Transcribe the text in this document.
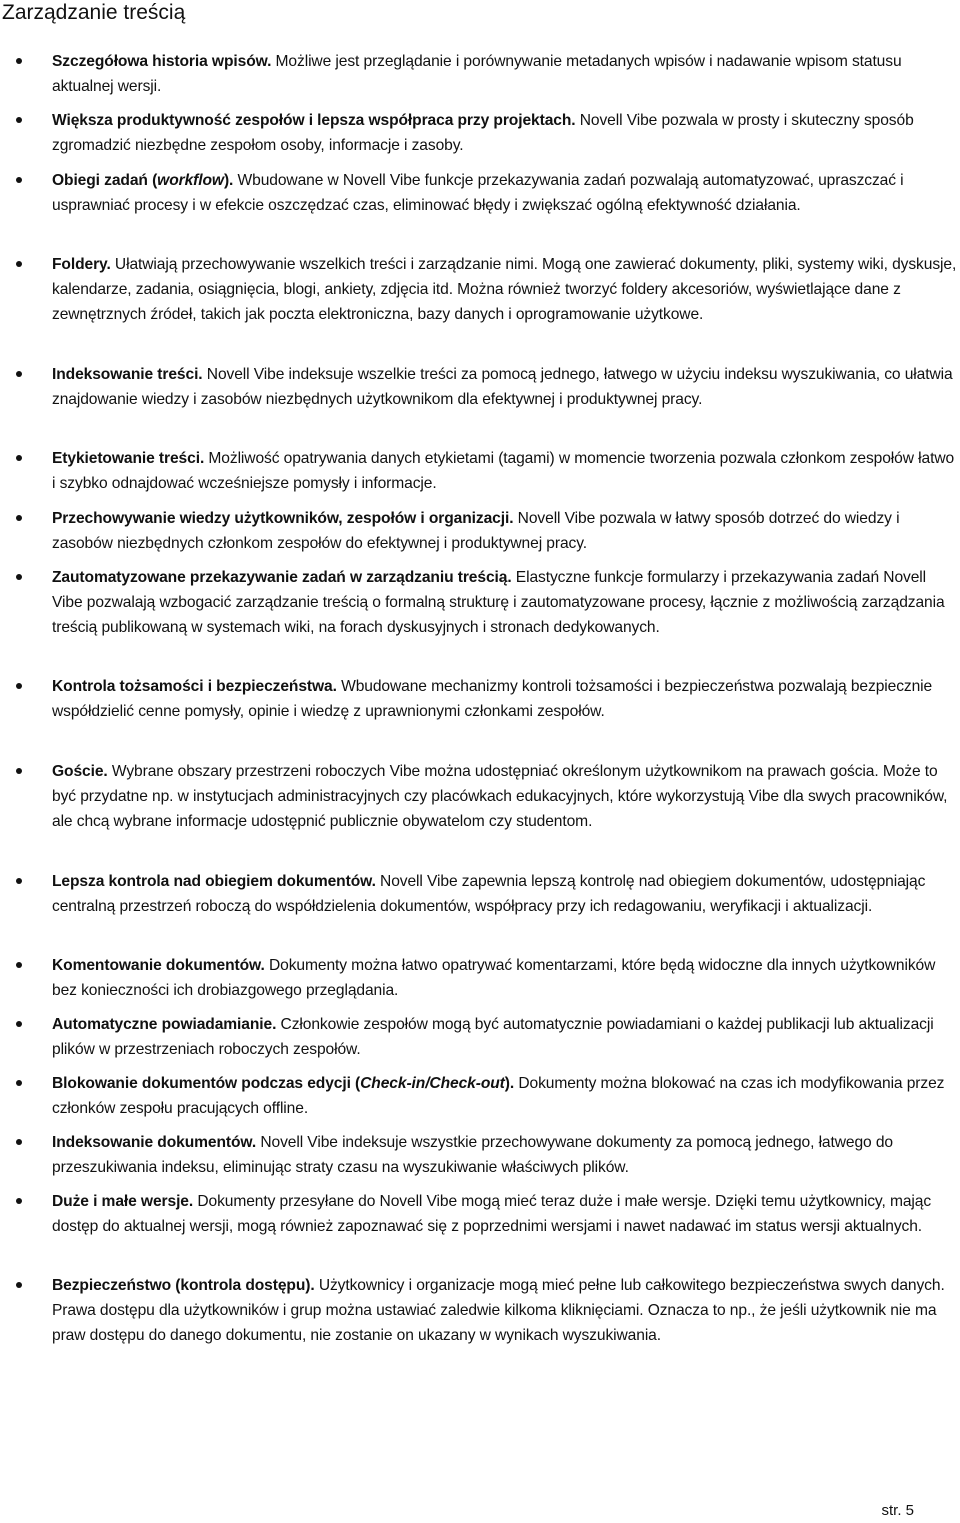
Zarządzanie treścią
Szczegółowa historia wpisów. Możliwe jest przeglądanie i porównywanie metadanych wpisów i nadawanie wpisom statusu aktualnej wersji.
Większa produktywność zespołów i lepsza współpraca przy projektach. Novell Vibe pozwala w prosty i skuteczny sposób zgromadzić niezbędne zespołom osoby, informacje i zasoby.
Obiegi zadań (workflow). Wbudowane w Novell Vibe funkcje przekazywania zadań pozwalają automatyzować, upraszczać i usprawniać procesy i w efekcie oszczędzać czas, eliminować błędy i zwiększać ogólną efektywność działania.
Foldery. Ułatwiają przechowywanie wszelkich treści i zarządzanie nimi. Mogą one zawierać dokumenty, pliki, systemy wiki, dyskusje, kalendarze, zadania, osiągnięcia, blogi, ankiety, zdjęcia itd. Można również tworzyć foldery akcesoriów, wyświetlające dane z zewnętrznych źródeł, takich jak poczta elektroniczna, bazy danych i oprogramowanie użytkowe.
Indeksowanie treści. Novell Vibe indeksuje wszelkie treści za pomocą jednego, łatwego w użyciu indeksu wyszukiwania, co ułatwia znajdowanie wiedzy i zasobów niezbędnych użytkownikom dla efektywnej i produktywnej pracy.
Etykietowanie treści. Możliwość opatrywania danych etykietami (tagami) w momencie tworzenia pozwala członkom zespołów łatwo i szybko odnajdować wcześniejsze pomysły i informacje.
Przechowywanie wiedzy użytkowników, zespołów i organizacji. Novell Vibe pozwala w łatwy sposób dotrzeć do wiedzy i zasobów niezbędnych członkom zespołów do efektywnej i produktywnej pracy.
Zautomatyzowane przekazywanie zadań w zarządzaniu treścią. Elastyczne funkcje formularzy i przekazywania zadań Novell Vibe pozwalają wzbogacić zarządzanie treścią o formalną strukturę i zautomatyzowane procesy, łącznie z możliwością zarządzania treścią publikowaną w systemach wiki, na forach dyskusyjnych i stronach dedykowanych.
Kontrola tożsamości i bezpieczeństwa. Wbudowane mechanizmy kontroli tożsamości i bezpieczeństwa pozwalają bezpiecznie współdzielić cenne pomysły, opinie i wiedzę z uprawnionymi członkami zespołów.
Goście. Wybrane obszary przestrzeni roboczych Vibe można udostępniać określonym użytkownikom na prawach gościa. Może to być przydatne np. w instytucjach administracyjnych czy placówkach edukacyjnych, które wykorzystują Vibe dla swych pracowników, ale chcą wybrane informacje udostępnić publicznie obywatelom czy studentom.
Lepsza kontrola nad obiegiem dokumentów. Novell Vibe zapewnia lepszą kontrolę nad obiegiem dokumentów, udostępniając centralną przestrzeń roboczą do współdzielenia dokumentów, współpracy przy ich redagowaniu, weryfikacji i aktualizacji.
Komentowanie dokumentów. Dokumenty można łatwo opatrywać komentarzami, które będą widoczne dla innych użytkowników bez konieczności ich drobiazgowego przeglądania.
Automatyczne powiadamianie. Członkowie zespołów mogą być automatycznie powiadamiani o każdej publikacji lub aktualizacji plików w przestrzeniach roboczych zespołów.
Blokowanie dokumentów podczas edycji (Check-in/Check-out). Dokumenty można blokować na czas ich modyfikowania przez członków zespołu pracujących offline.
Indeksowanie dokumentów. Novell Vibe indeksuje wszystkie przechowywane dokumenty za pomocą jednego, łatwego do przeszukiwania indeksu, eliminując straty czasu na wyszukiwanie właściwych plików.
Duże i małe wersje. Dokumenty przesyłane do Novell Vibe mogą mieć teraz duże i małe wersje. Dzięki temu użytkownicy, mając dostęp do aktualnej wersji, mogą również zapoznawać się z poprzednimi wersjami i nawet nadawać im status wersji aktualnych.
Bezpieczeństwo (kontrola dostępu). Użytkownicy i organizacje mogą mieć pełne lub całkowitego bezpieczeństwa swych danych. Prawa dostępu dla użytkowników i grup można ustawiać zaledwie kilkoma kliknięciami. Oznacza to np., że jeśli użytkownik nie ma praw dostępu do danego dokumentu, nie zostanie on ukazany w wynikach wyszukiwania.
str. 5
